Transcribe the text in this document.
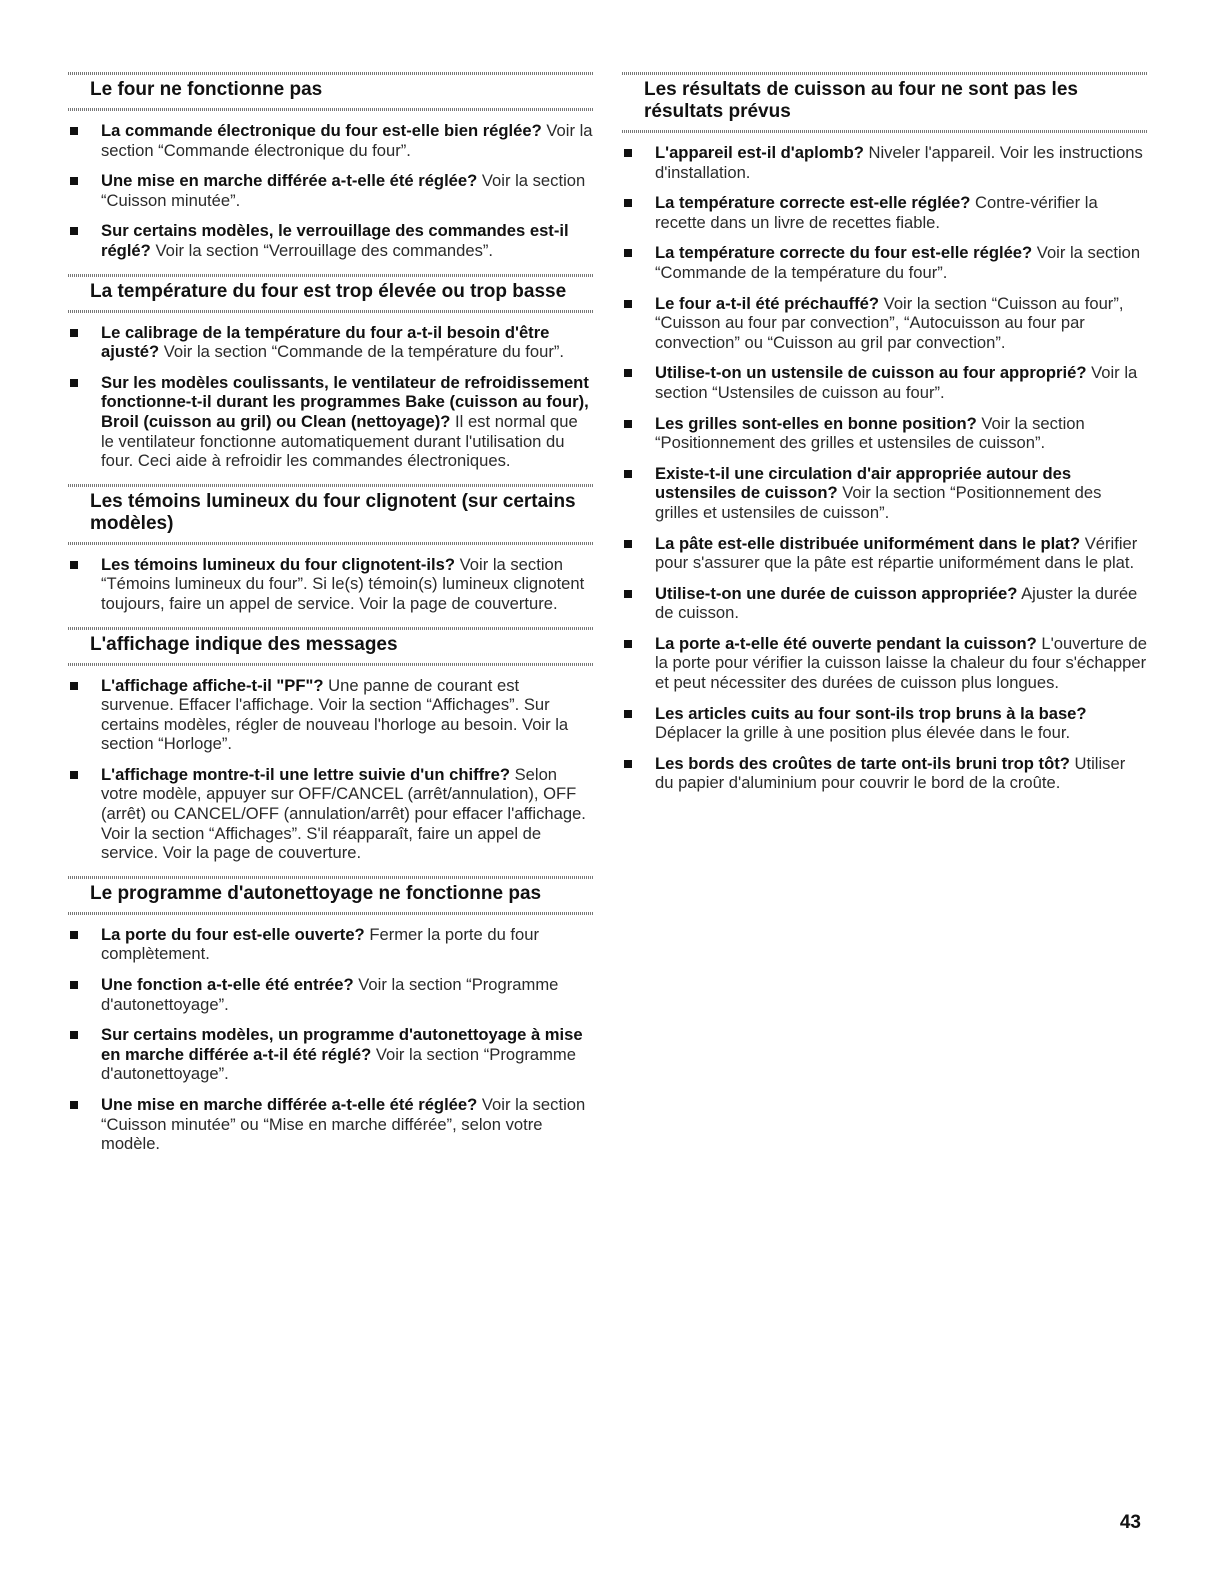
Le four ne fonctionne pas
La commande électronique du four est-elle bien réglée? Voir la section “Commande électronique du four”.
Une mise en marche différée a-t-elle été réglée? Voir la section “Cuisson minutée”.
Sur certains modèles, le verrouillage des commandes est-il réglé? Voir la section “Verrouillage des commandes”.
La température du four est trop élevée ou trop basse
Le calibrage de la température du four a-t-il besoin d'être ajusté? Voir la section “Commande de la température du four”.
Sur les modèles coulissants, le ventilateur de refroidissement fonctionne-t-il durant les programmes Bake (cuisson au four), Broil (cuisson au gril) ou Clean (nettoyage)? Il est normal que le ventilateur fonctionne automatiquement durant l'utilisation du four. Ceci aide à refroidir les commandes électroniques.
Les témoins lumineux du four clignotent (sur certains modèles)
Les témoins lumineux du four clignotent-ils? Voir la section “Témoins lumineux du four”. Si le(s) témoin(s) lumineux clignotent toujours, faire un appel de service. Voir la page de couverture.
L'affichage indique des messages
L'affichage affiche-t-il "PF"? Une panne de courant est survenue. Effacer l'affichage. Voir la section “Affichages”. Sur certains modèles, régler de nouveau l'horloge au besoin. Voir la section “Horloge”.
L'affichage montre-t-il une lettre suivie d'un chiffre? Selon votre modèle, appuyer sur OFF/CANCEL (arrêt/annulation), OFF (arrêt) ou CANCEL/OFF (annulation/arrêt) pour effacer l'affichage. Voir la section “Affichages”. S'il réapparaît, faire un appel de service. Voir la page de couverture.
Le programme d'autonettoyage ne fonctionne pas
La porte du four est-elle ouverte? Fermer la porte du four complètement.
Une fonction a-t-elle été entrée? Voir la section “Programme d'autonettoyage”.
Sur certains modèles, un programme d'autonettoyage à mise en marche différée a-t-il été réglé? Voir la section “Programme d'autonettoyage”.
Une mise en marche différée a-t-elle été réglée? Voir la section “Cuisson minutée” ou “Mise en marche différée”, selon votre modèle.
Les résultats de cuisson au four ne sont pas les résultats prévus
L'appareil est-il d'aplomb? Niveler l'appareil. Voir les instructions d'installation.
La température correcte est-elle réglée? Contre-vérifier la recette dans un livre de recettes fiable.
La température correcte du four est-elle réglée? Voir la section “Commande de la température du four”.
Le four a-t-il été préchauffé? Voir la section “Cuisson au four”, “Cuisson au four par convection”, “Autocuisson au four par convection” ou “Cuisson au gril par convection”.
Utilise-t-on un ustensile de cuisson au four approprié? Voir la section “Ustensiles de cuisson au four”.
Les grilles sont-elles en bonne position? Voir la section “Positionnement des grilles et ustensiles de cuisson”.
Existe-t-il une circulation d'air appropriée autour des ustensiles de cuisson? Voir la section “Positionnement des grilles et ustensiles de cuisson”.
La pâte est-elle distribuée uniformément dans le plat? Vérifier pour s'assurer que la pâte est répartie uniformément dans le plat.
Utilise-t-on une durée de cuisson appropriée? Ajuster la durée de cuisson.
La porte a-t-elle été ouverte pendant la cuisson? L'ouverture de la porte pour vérifier la cuisson laisse la chaleur du four s'échapper et peut nécessiter des durées de cuisson plus longues.
Les articles cuits au four sont-ils trop bruns à la base? Déplacer la grille à une position plus élevée dans le four.
Les bords des croûtes de tarte ont-ils bruni trop tôt? Utiliser du papier d'aluminium pour couvrir le bord de la croûte.
43
